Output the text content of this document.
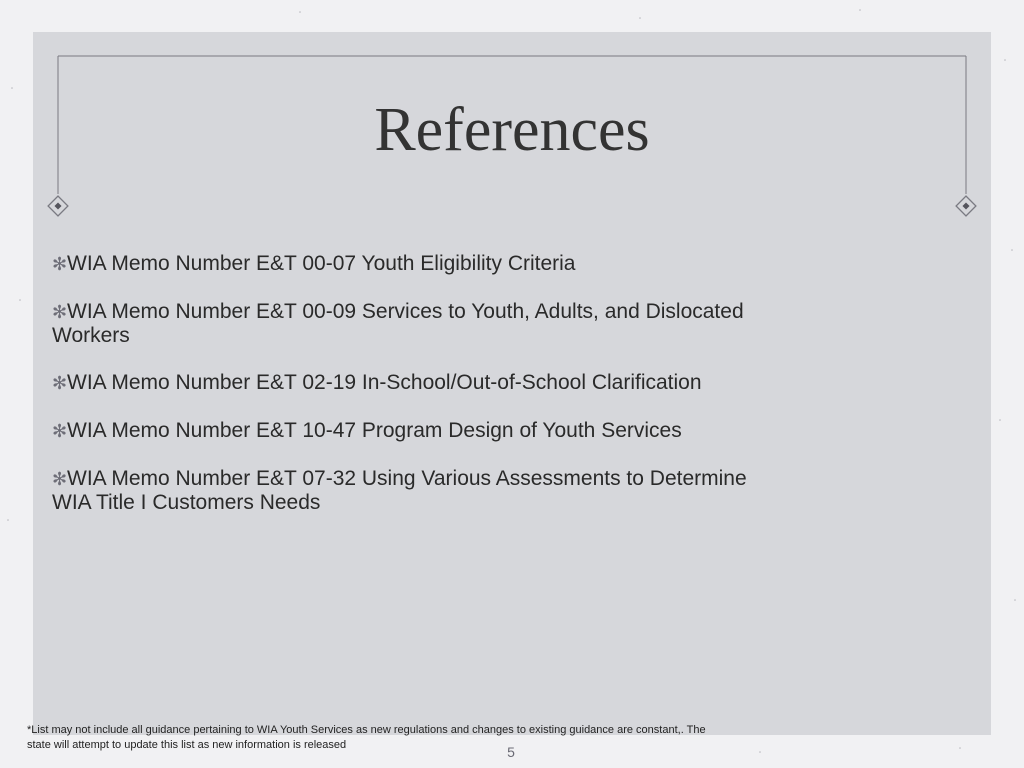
References
✻WIA Memo Number E&T 00-07 Youth Eligibility Criteria
✻WIA Memo Number E&T 00-09 Services to Youth, Adults, and Dislocated Workers
✻WIA Memo Number E&T 02-19 In-School/Out-of-School Clarification
✻WIA Memo Number E&T 10-47 Program Design of Youth Services
✻WIA Memo Number E&T 07-32 Using Various Assessments to Determine WIA Title I Customers Needs
*List may not include all guidance pertaining to WIA Youth Services as new regulations and changes to existing guidance are constant,. The state will attempt to update this list as new information is released	5
